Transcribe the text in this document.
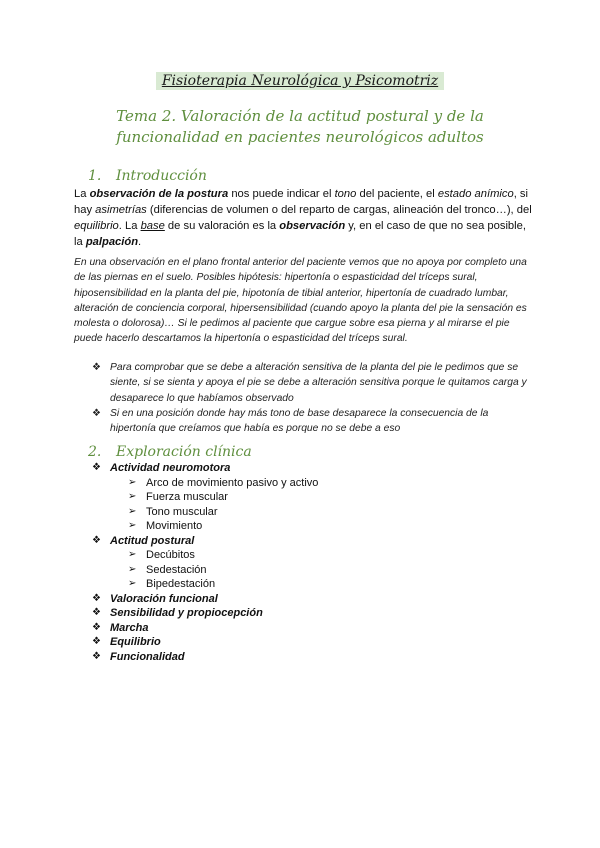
Fisioterapia Neurológica y Psicomotriz
Tema 2. Valoración de la actitud postural y de la funcionalidad en pacientes neurológicos adultos
1. Introducción
La observación de la postura nos puede indicar el tono del paciente, el estado anímico, si hay asimetrías (diferencias de volumen o del reparto de cargas, alineación del tronco…), del equilibrio. La base de su valoración es la observación y, en el caso de que no sea posible, la palpación.
En una observación en el plano frontal anterior del paciente vemos que no apoya por completo una de las piernas en el suelo. Posibles hipótesis: hipertonía o espasticidad del tríceps sural, hiposensibilidad en la planta del pie, hipotonía de tibial anterior, hipertonía de cuadrado lumbar, alteración de conciencia corporal, hipersensibilidad (cuando apoyo la planta del pie la sensación es molesta o dolorosa)… Si le pedimos al paciente que cargue sobre esa pierna y al mirarse el pie puede hacerlo descartamos la hipertonía o espasticidad del tríceps sural.
❖ Para comprobar que se debe a alteración sensitiva de la planta del pie le pedimos que se siente, si se sienta y apoya el pie se debe a alteración sensitiva porque le quitamos carga y desaparece lo que habíamos observado
❖ Si en una posición donde hay más tono de base desaparece la consecuencia de la hipertonía que creíamos que había es porque no se debe a eso
2. Exploración clínica
❖ Actividad neuromotora
➢ Arco de movimiento pasivo y activo
➢ Fuerza muscular
➢ Tono muscular
➢ Movimiento
❖ Actitud postural
➢ Decúbitos
➢ Sedestación
➢ Bipedestación
❖ Valoración funcional
❖ Sensibilidad y propiocepción
❖ Marcha
❖ Equilibrio
❖ Funcionalidad
